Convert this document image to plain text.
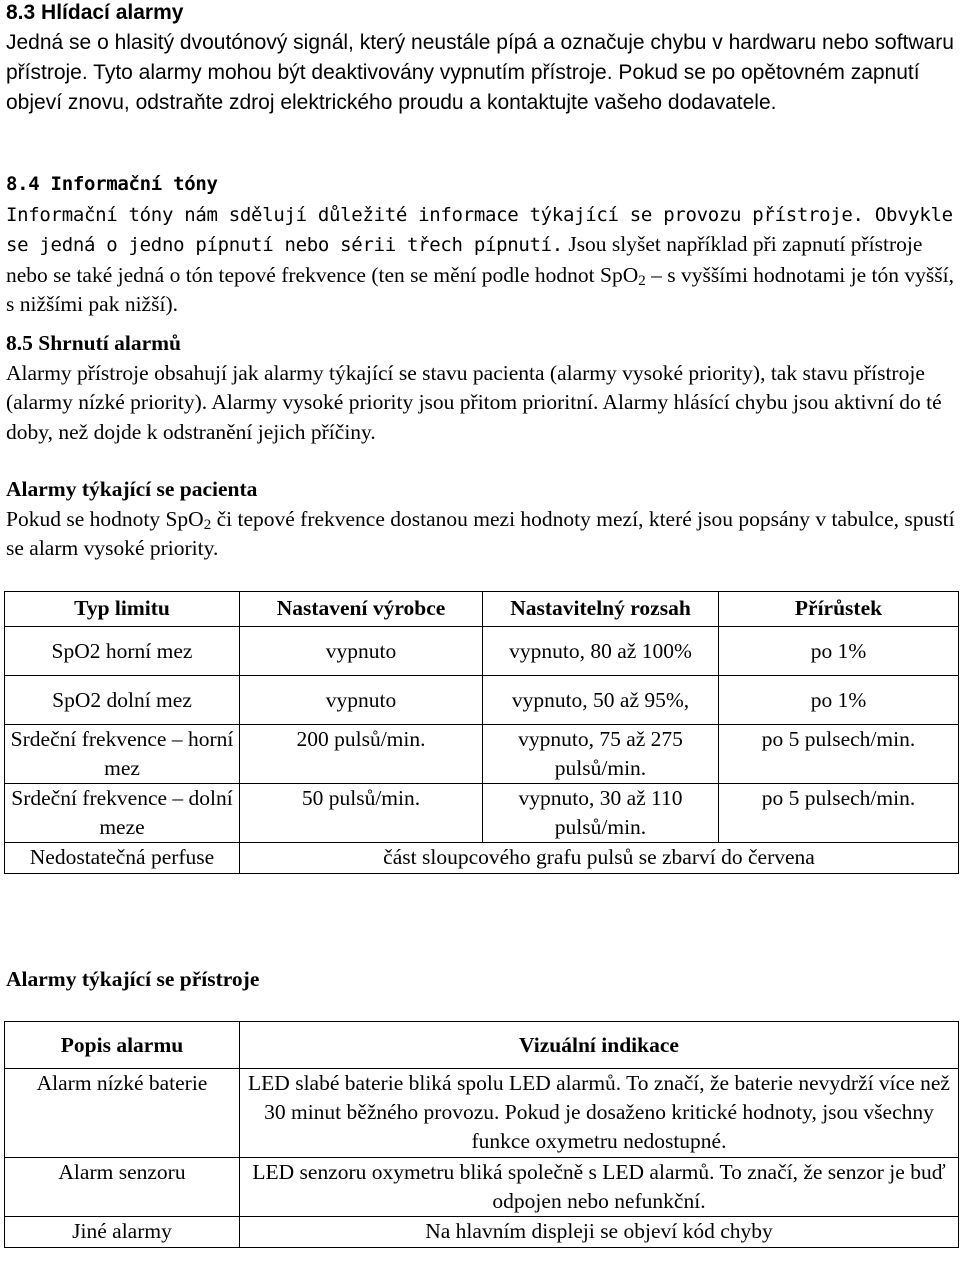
8.3 Hlídací alarmy

Jedná se o hlasitý dvoutónový signál, který neustále pípá a označuje chybu v hardwaru nebo softwaru přístroje. Tyto alarmy mohou být deaktivovány vypnutím přístroje. Pokud se po opětovném zapnutí objeví znovu, odstraňte zdroj elektrického proudu a kontaktujte vašeho dodavatele.

8.4 Informační tóny

Informační tóny nám sdělují důležité informace týkající se provozu přístroje. Obvykle se jedná o jedno pípnutí nebo sérii třech pípnutí. Jsou slyšet například při zapnutí přístroje nebo se také jedná o tón tepové frekvence (ten se mění podle hodnot SpO$_2$ – s vyššími hodnotami je tón vyšší, s nižšími pak nižší).

8.5 Shrnutí alarmů

Alarmy přístroje obsahují jak alarmy týkající se stavu pacienta (alarmy vysoké priority), tak stavu přístroje (alarmy nízké priority). Alarmy vysoké priority jsou přitom prioritní. Alarmy hlásící chybu jsou aktivní do té doby, než dojde k odstranění jejich příčiny.

Alarmy týkající se pacienta

Pokud se hodnoty SpO$_2$ či tepové frekvence dostanou mezi hodnoty mezí, které jsou popsány v tabulce, spustí se alarm vysoké priority.

Typ limitu	Nastavení výrobce	Nastavitelný rozsah	Přírůstek
SpO2 horní mez	vypnuto	vypnuto, 80 až 100%	po 1%
SpO2 dolní mez	vypnuto	vypnuto, 50 až 95%,	po 1%
Srdeční frekvence – horní mez	200 pulsů/min.	vypnuto, 75 až 275 pulsů/min.	po 5 pulsech/min.
Srdeční frekvence – dolní meze	50 pulsů/min.	vypnuto, 30 až 110 pulsů/min.	po 5 pulsech/min.
Nedostatečná perfuse	část sloupcového grafu pulsů se zbarví do červena		

Alarmy týkající se přístroje

Popis alarmu	Vizuální indikace
Alarm nízké baterie	LED slabé baterie bliká spolu LED alarmů. To značí, že baterie nevydrží více než 30 minut běžného provozu. Pokud je dosaženo kritické hodnoty, jsou všechny funkce oxymetru nedostupné.
Alarm senzoru	LED senzoru oxymetru bliká společně s LED alarmů. To značí, že senzor je buď odpojen nebo nefunkční.
Jiné alarmy	Na hlavním displeji se objeví kód chyby
